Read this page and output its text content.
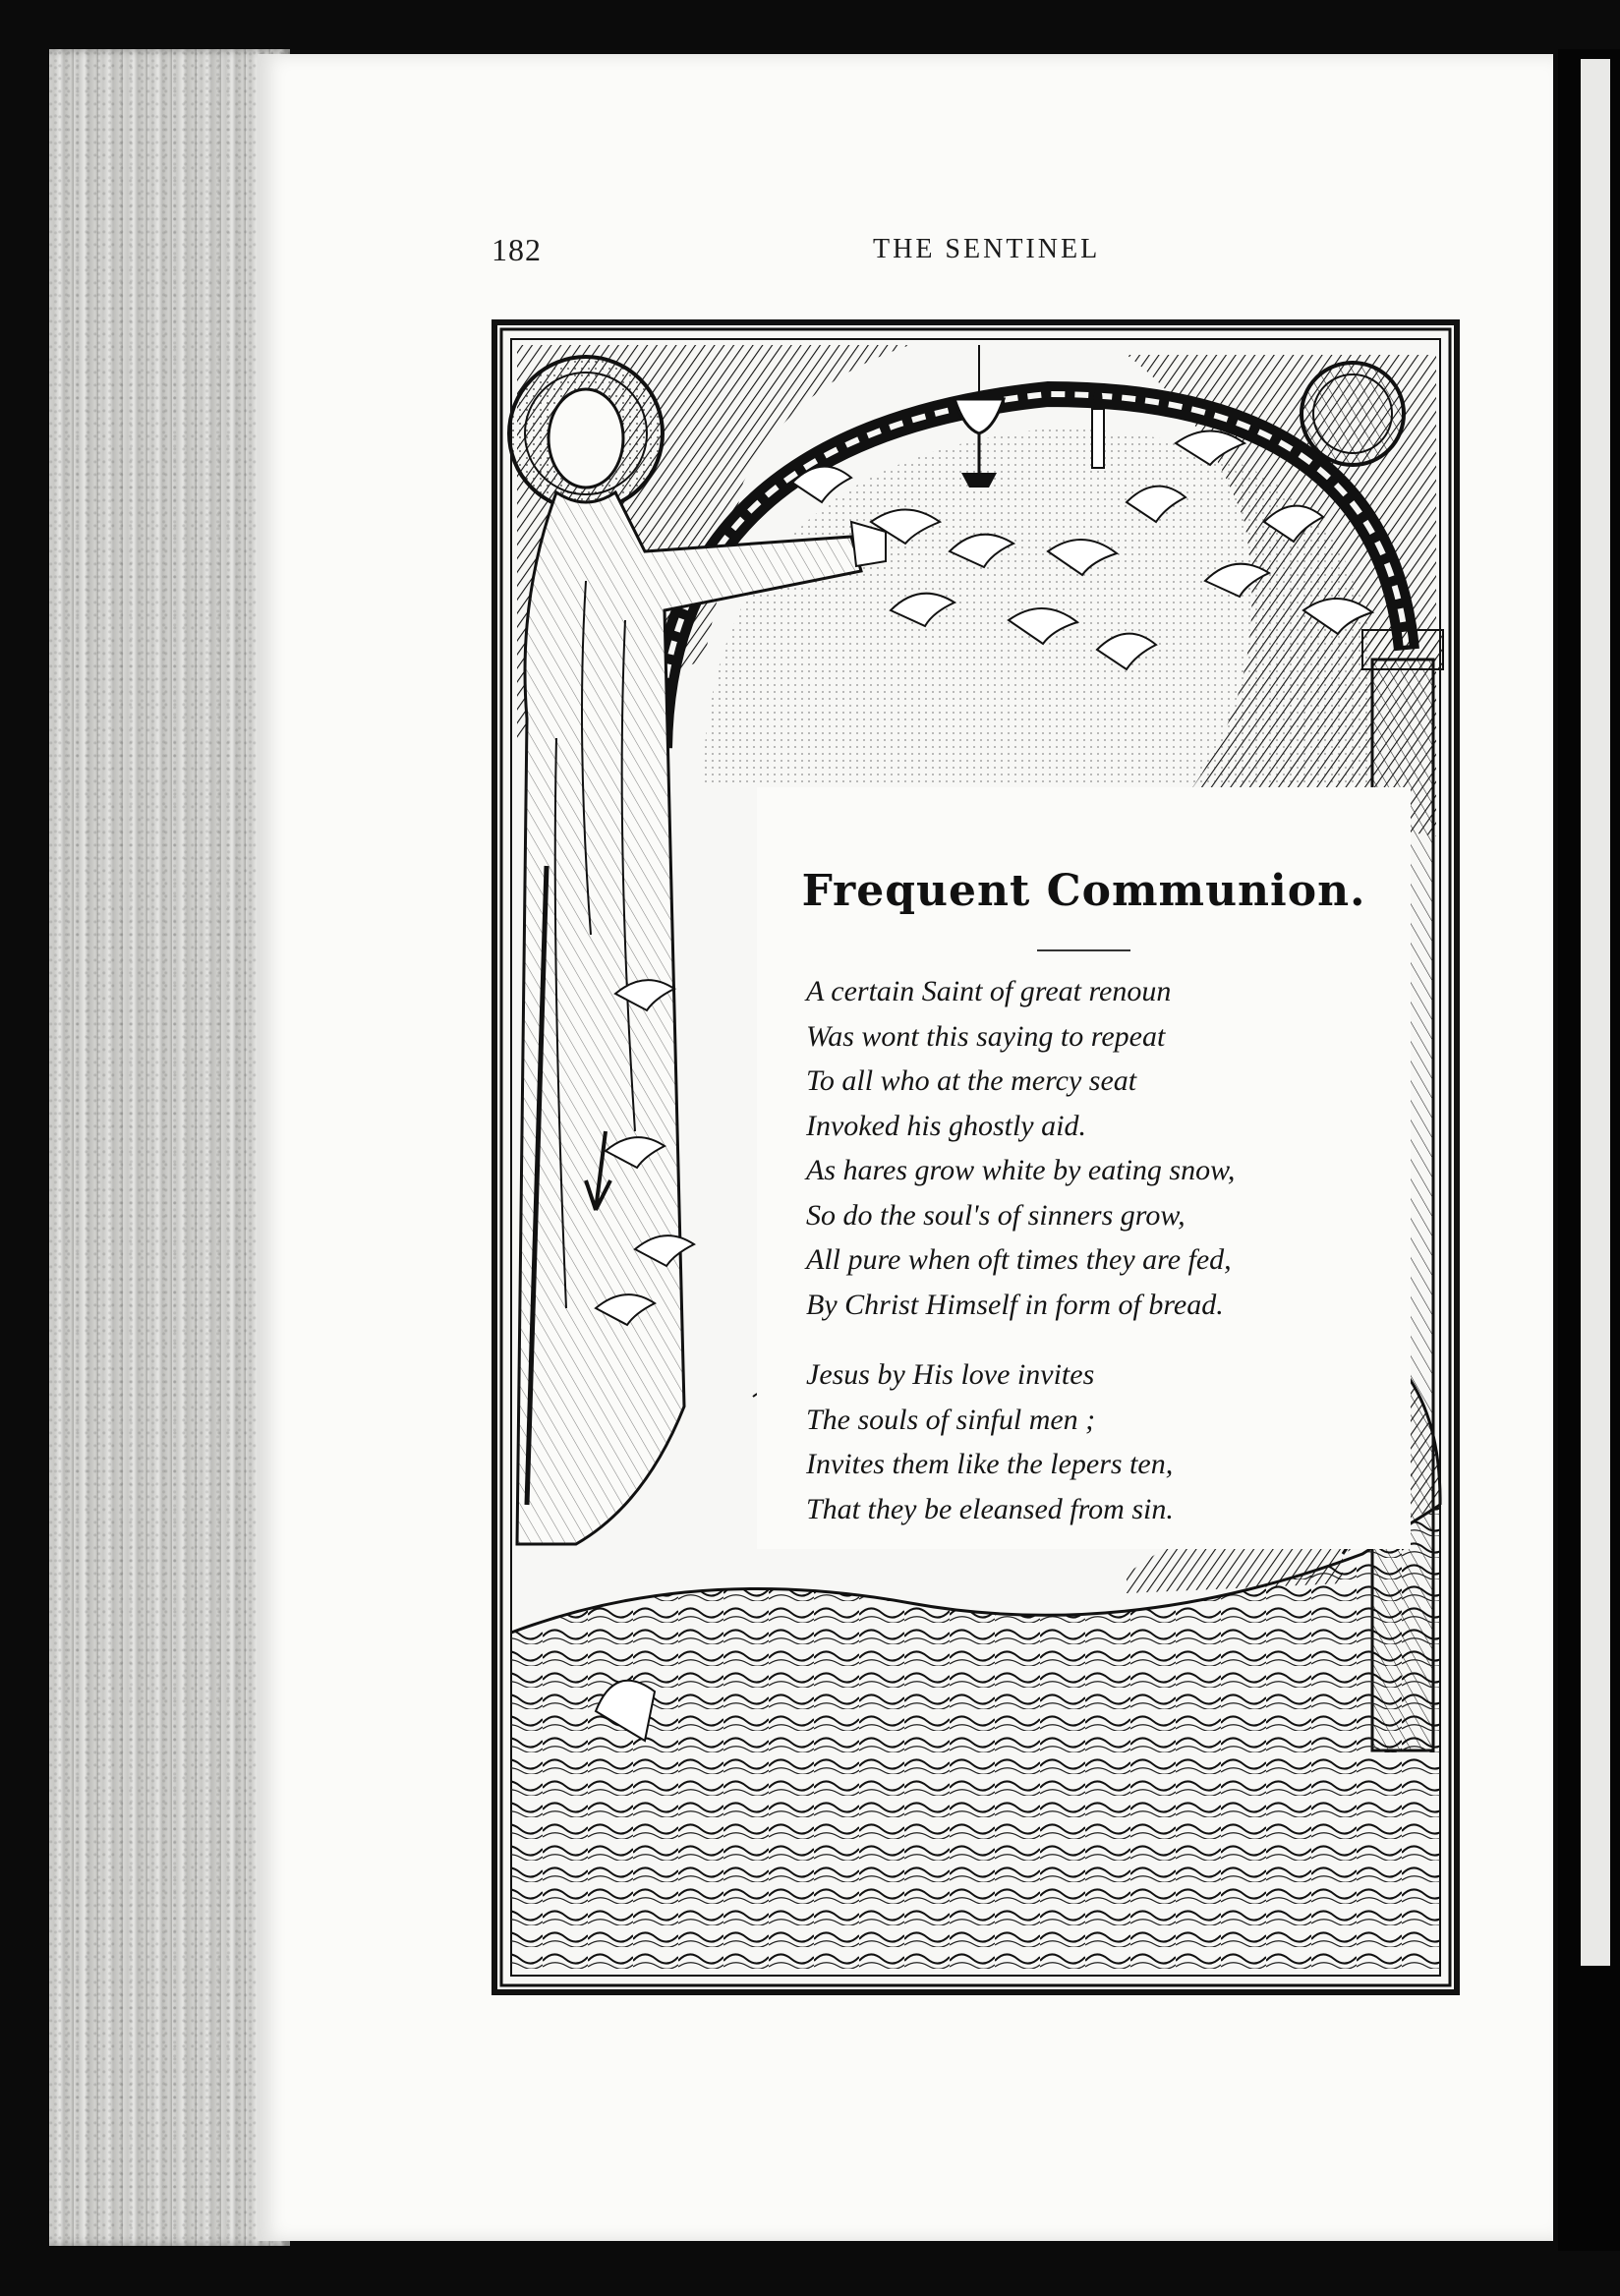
182	THE SENTINEL
Frequent Communion.
A certain Saint of great renoun
Was wont this saying to repeat
To all who at the mercy seat
Invoked his ghostly aid.
As hares grow white by eating snow,
So do the soul's of sinners grow,
All pure when oft times they are fed,
By Christ Himself in form of bread.
Jesus by His love invites
The souls of sinful men ;
Invites them like the lepers ten,
That they be eleansed from sin.
